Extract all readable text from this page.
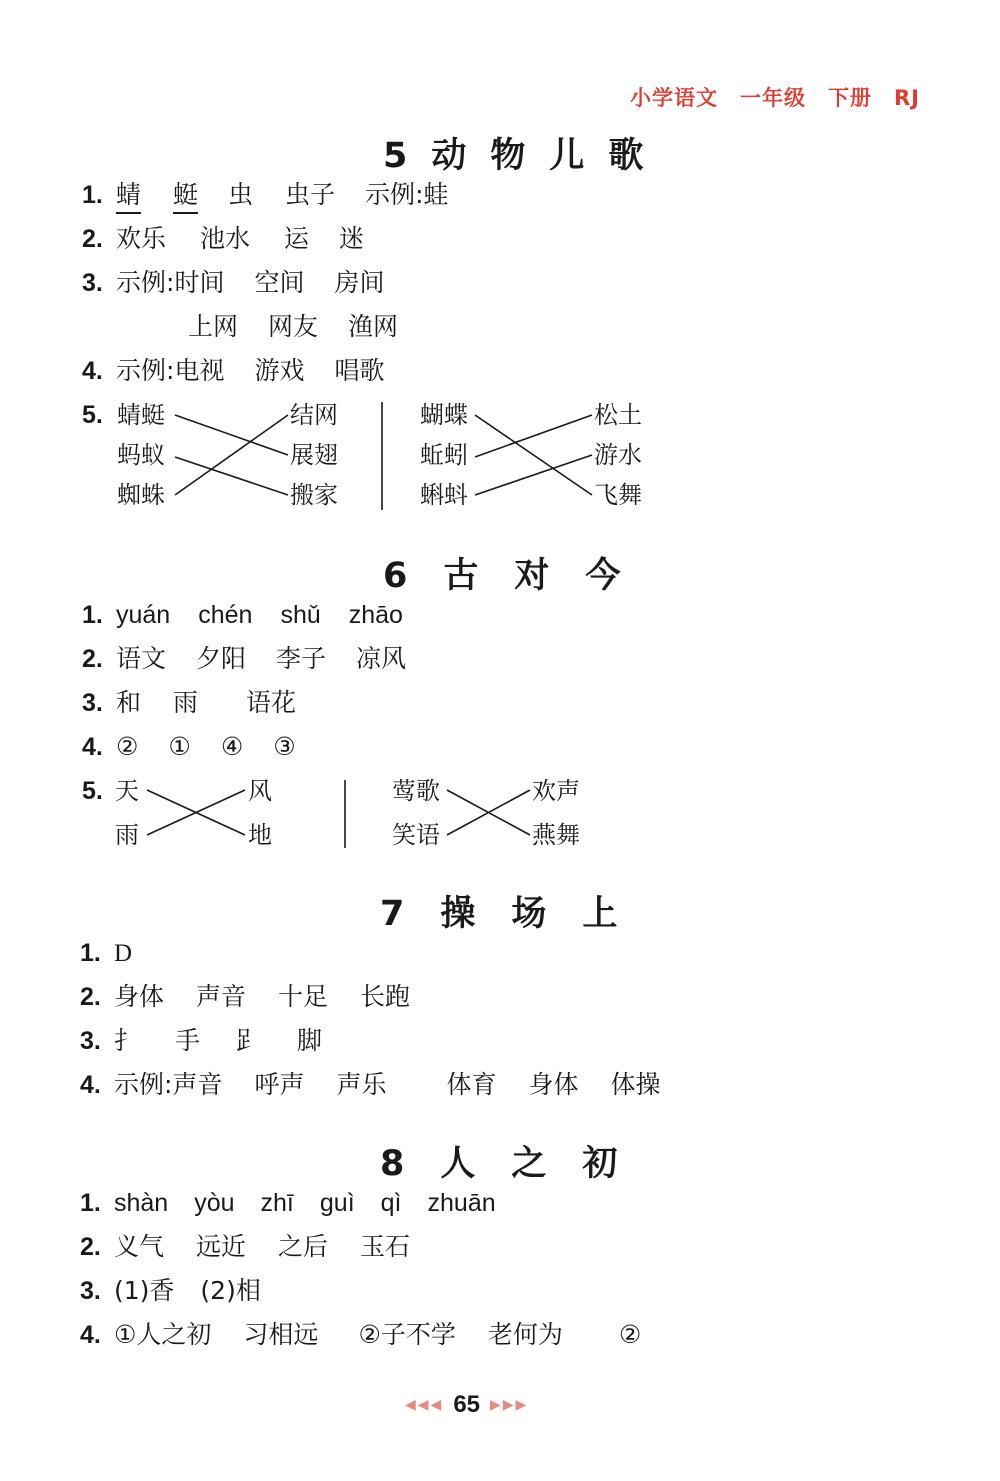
小学语文 一年级 下册 RJ
5 动 物 儿 歌
1. 蜻 蜓 虫 虫子 示例:蛙
2. 欢乐 池水 运 迷
3. 示例:时间 空间 房间
上网 网友 渔网
4. 示例:电视 游戏 唱歌
5. 蜻蜓
蚂蚁
蜘蛛
结网
展翅
搬家
蝴蝶
蚯蚓
蝌蚪
松土
游水
飞舞
6 古 对 今
1. yuán chén shǔ zhāo
2. 语文 夕阳 李子 凉风
3. 和 雨 语花
4. ② ① ④ ③
5. 天
雨
风
地
莺歌
笑语
欢声
燕舞
7 操 场 上
1. D
2. 身体 声音 十足 长跑
3. 扌 手 𧾷 脚
4. 示例:声音 呼声 声乐 体育 身体 体操
8 人 之 初
1. shàn yòu zhī guì qì zhuān
2. 义气 远近 之后 玉石
3. (1)香 (2)相
4. ①人之初 习相远 ②子不学 老何为 ②
◀◀◀ 65 ▶▶▶
